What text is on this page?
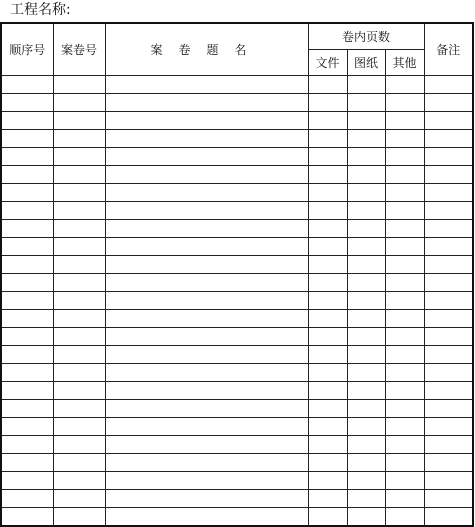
工程名称:
顺序号	案卷号	案卷题名	卷内页数			备注
			文件	图纸	其他	
